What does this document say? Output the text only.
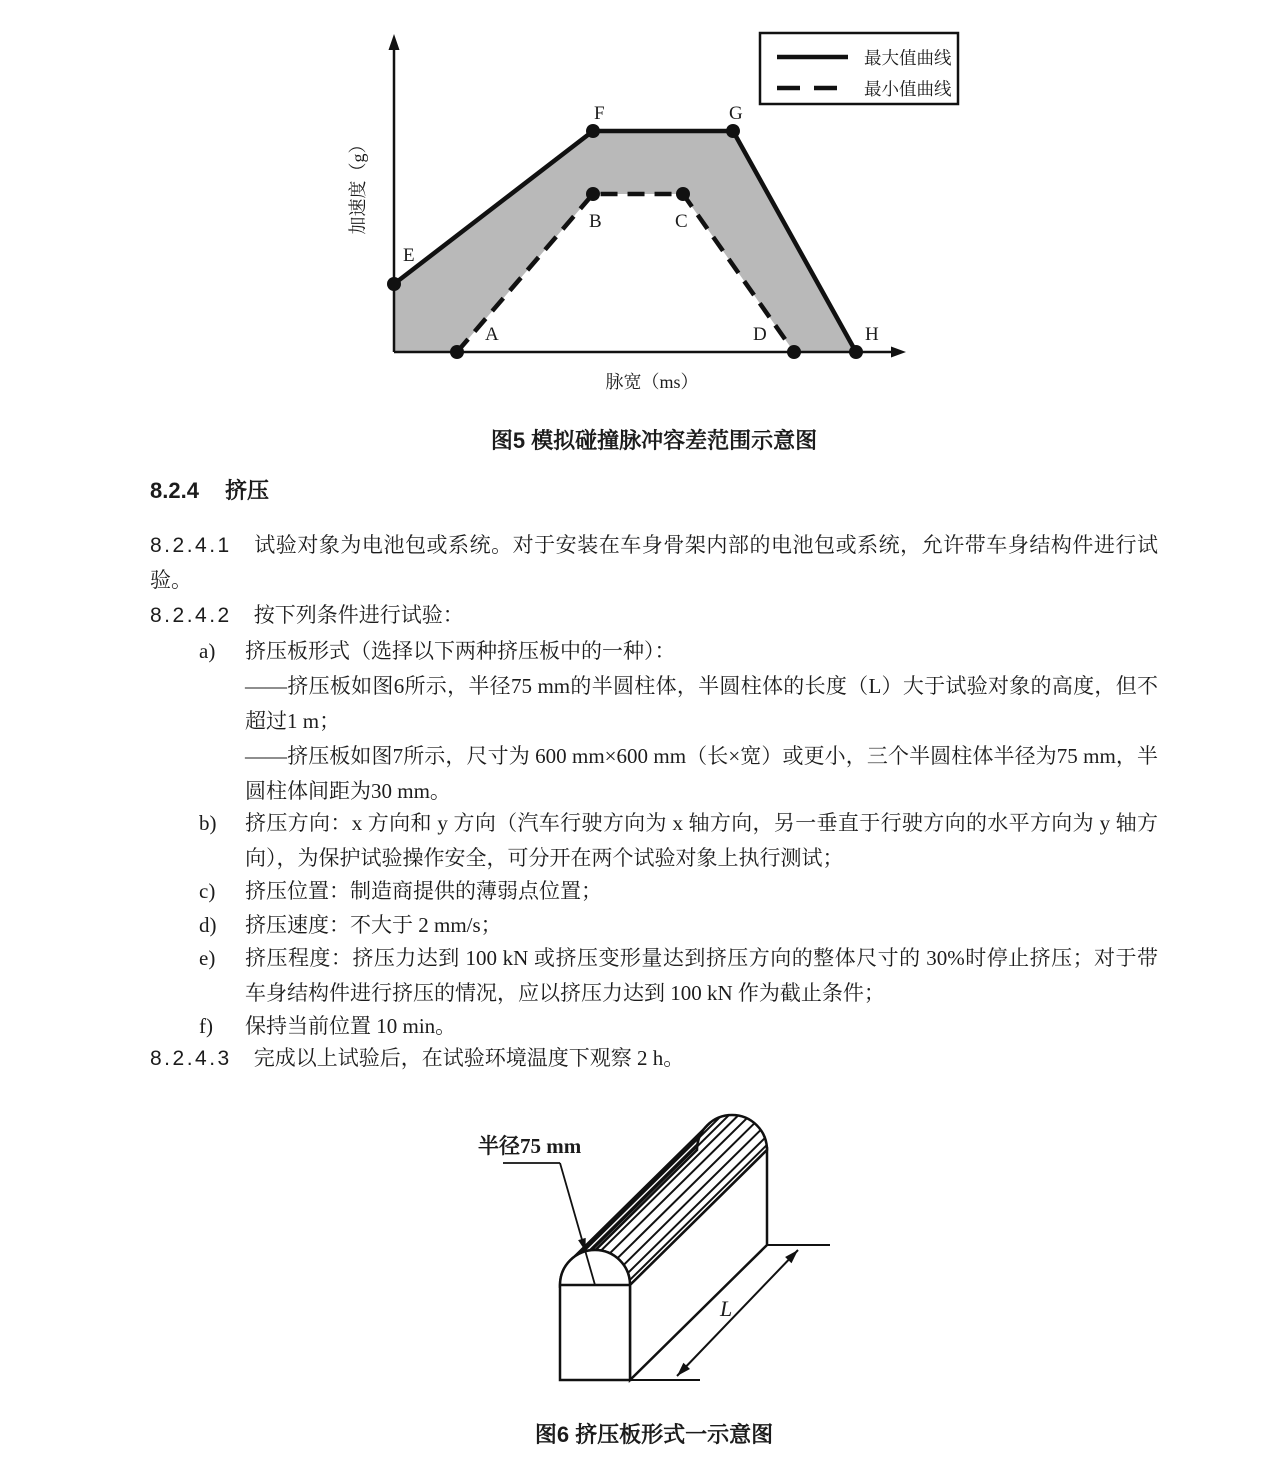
E
F	G
H
A
B	C
D
加速度（g）
脉宽（ms）
最大值曲线
最小值曲线
图5 模拟碰撞脉冲容差范围示意图
8.2.4 挤压
8.2.4.1 试验对象为电池包或系统。对于安装在车身骨架内部的电池包或系统，允许带车身结构件进行试验。
8.2.4.2 按下列条件进行试验：
a) 挤压板形式（选择以下两种挤压板中的一种）：
——挤压板如图6所示，半径75 mm的半圆柱体，半圆柱体的长度（L）大于试验对象的高度，但不超过1 m；
——挤压板如图7所示，尺寸为 600 mm×600 mm（长×宽）或更小，三个半圆柱体半径为75 mm，半圆柱体间距为30 mm。
b) 挤压方向：x 方向和 y 方向（汽车行驶方向为 x 轴方向，另一垂直于行驶方向的水平方向为 y 轴方向），为保护试验操作安全，可分开在两个试验对象上执行测试；
c) 挤压位置：制造商提供的薄弱点位置；
d) 挤压速度：不大于 2 mm/s；
e) 挤压程度：挤压力达到 100 kN 或挤压变形量达到挤压方向的整体尺寸的 30%时停止挤压；对于带车身结构件进行挤压的情况，应以挤压力达到 100 kN 作为截止条件；
f) 保持当前位置 10 min。
8.2.4.3 完成以上试验后，在试验环境温度下观察 2 h。
L
半径75 mm
图6 挤压板形式一示意图
